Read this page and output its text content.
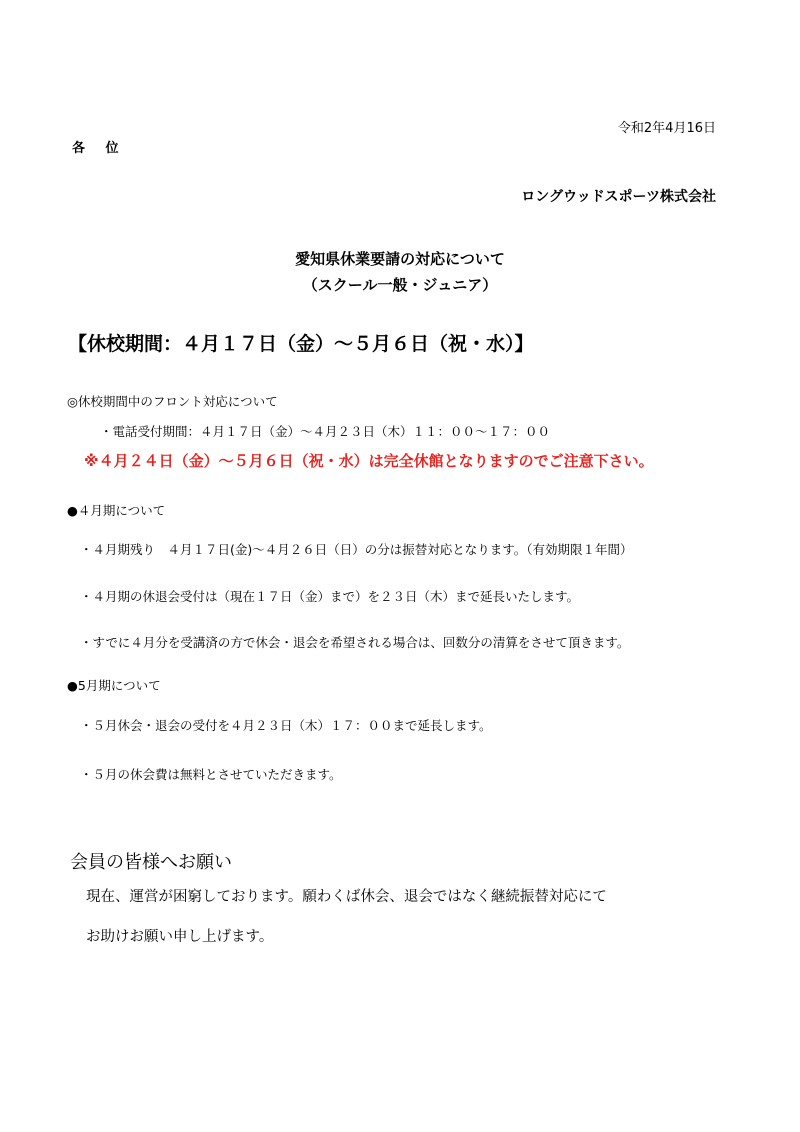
令和2年4月16日
各 位
ロングウッドスポーツ株式会社
愛知県休業要請の対応について
（スクール一般・ジュニア）
【休校期間：４月１７日（金）～５月６日（祝・水）】
◎休校期間中のフロント対応について
・電話受付期間：４月１７日（金）～４月２３日（木）１１：００～１７：００
※４月２４日（金）～５月６日（祝・水）は完全休館となりますのでご注意下さい。
●４月期について
・４月期残り　４月１７日(金)～４月２６日（日）の分は振替対応となります。（有効期限１年間）
・４月期の休退会受付は（現在１７日（金）まで）を２３日（木）まで延長いたします。
・すでに４月分を受講済の方で休会・退会を希望される場合は、回数分の清算をさせて頂きます。
●5月期について
・５月休会・退会の受付を４月２３日（木）１７：００まで延長します。
・５月の休会費は無料とさせていただきます。
会員の皆様へお願い
現在、運営が困窮しております。願わくば休会、退会ではなく継続振替対応にて
お助けお願い申し上げます。
